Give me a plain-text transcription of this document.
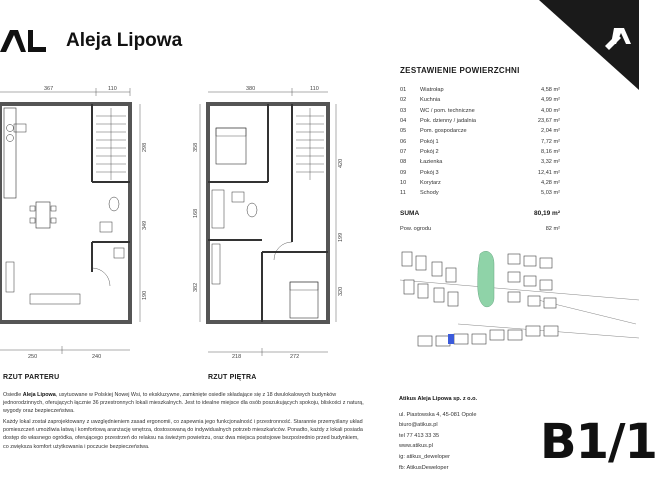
Aleja Lipowa
367	110
250	240
380	110
218	272
298
349
190
358
168
382
420
199
320
RZUT PARTERU	RZUT PIĘTRA
ZESTAWIENIE POWIERZCHNI
01	Wiatrołap	4,58 m²
02	Kuchnia	4,99 m²
03	WC / pom. techniczne	4,00 m²
04	Pok. dzienny / jadalnia	23,67 m²
05	Pom. gospodarcze	2,04 m²
06	Pokój 1	7,72 m²
07	Pokój 2	8,16 m²
08	Łazienka	3,32 m²
09	Pokój 3	12,41 m²
10	Korytarz	4,28 m²
11	Schody	5,03 m²
SUMA	80,19 m²
Pow. ogrodu	82 m²

Osiedle Aleja Lipowa, usytuowane w Polskiej Nowej Wsi, to ekskluzywne, zamknięte osiedle składające się z 18 dwulokalowych budynków jednorodzinnych, oferujących łącznie 36 przestronnych lokali mieszkalnych. Jest to idealne miejsce dla osób poszukujących spokoju, bliskości z naturą, wygody oraz bezpieczeństwa.

Każdy lokal został zaprojektowany z uwzględnieniem zasad ergonomii, co zapewnia jego funkcjonalność i przestronność. Starannie przemyślany układ pomieszczeń umożliwia łatwą i komfortową aranżację wnętrza, dostosowaną do indywidualnych potrzeb mieszkańców. Ponadto, każdy z lokali posiada dostęp do własnego ogródka, oferującego przestrzeń do relaksu na świeżym powietrzu, oraz dwa miejsca postojowe bezpośrednio przed budynkiem, co zwiększa komfort użytkowania i poczucie bezpieczeństwa.

Atikus Aleja Lipowa sp. z o.o.
ul. Piastowska 4, 45-081 Opole
biuro@atikus.pl
tel 77 413 33 35
www.atikus.pl
ig: atikus_deweloper
fb: AtikusDeweloper	B1/1
